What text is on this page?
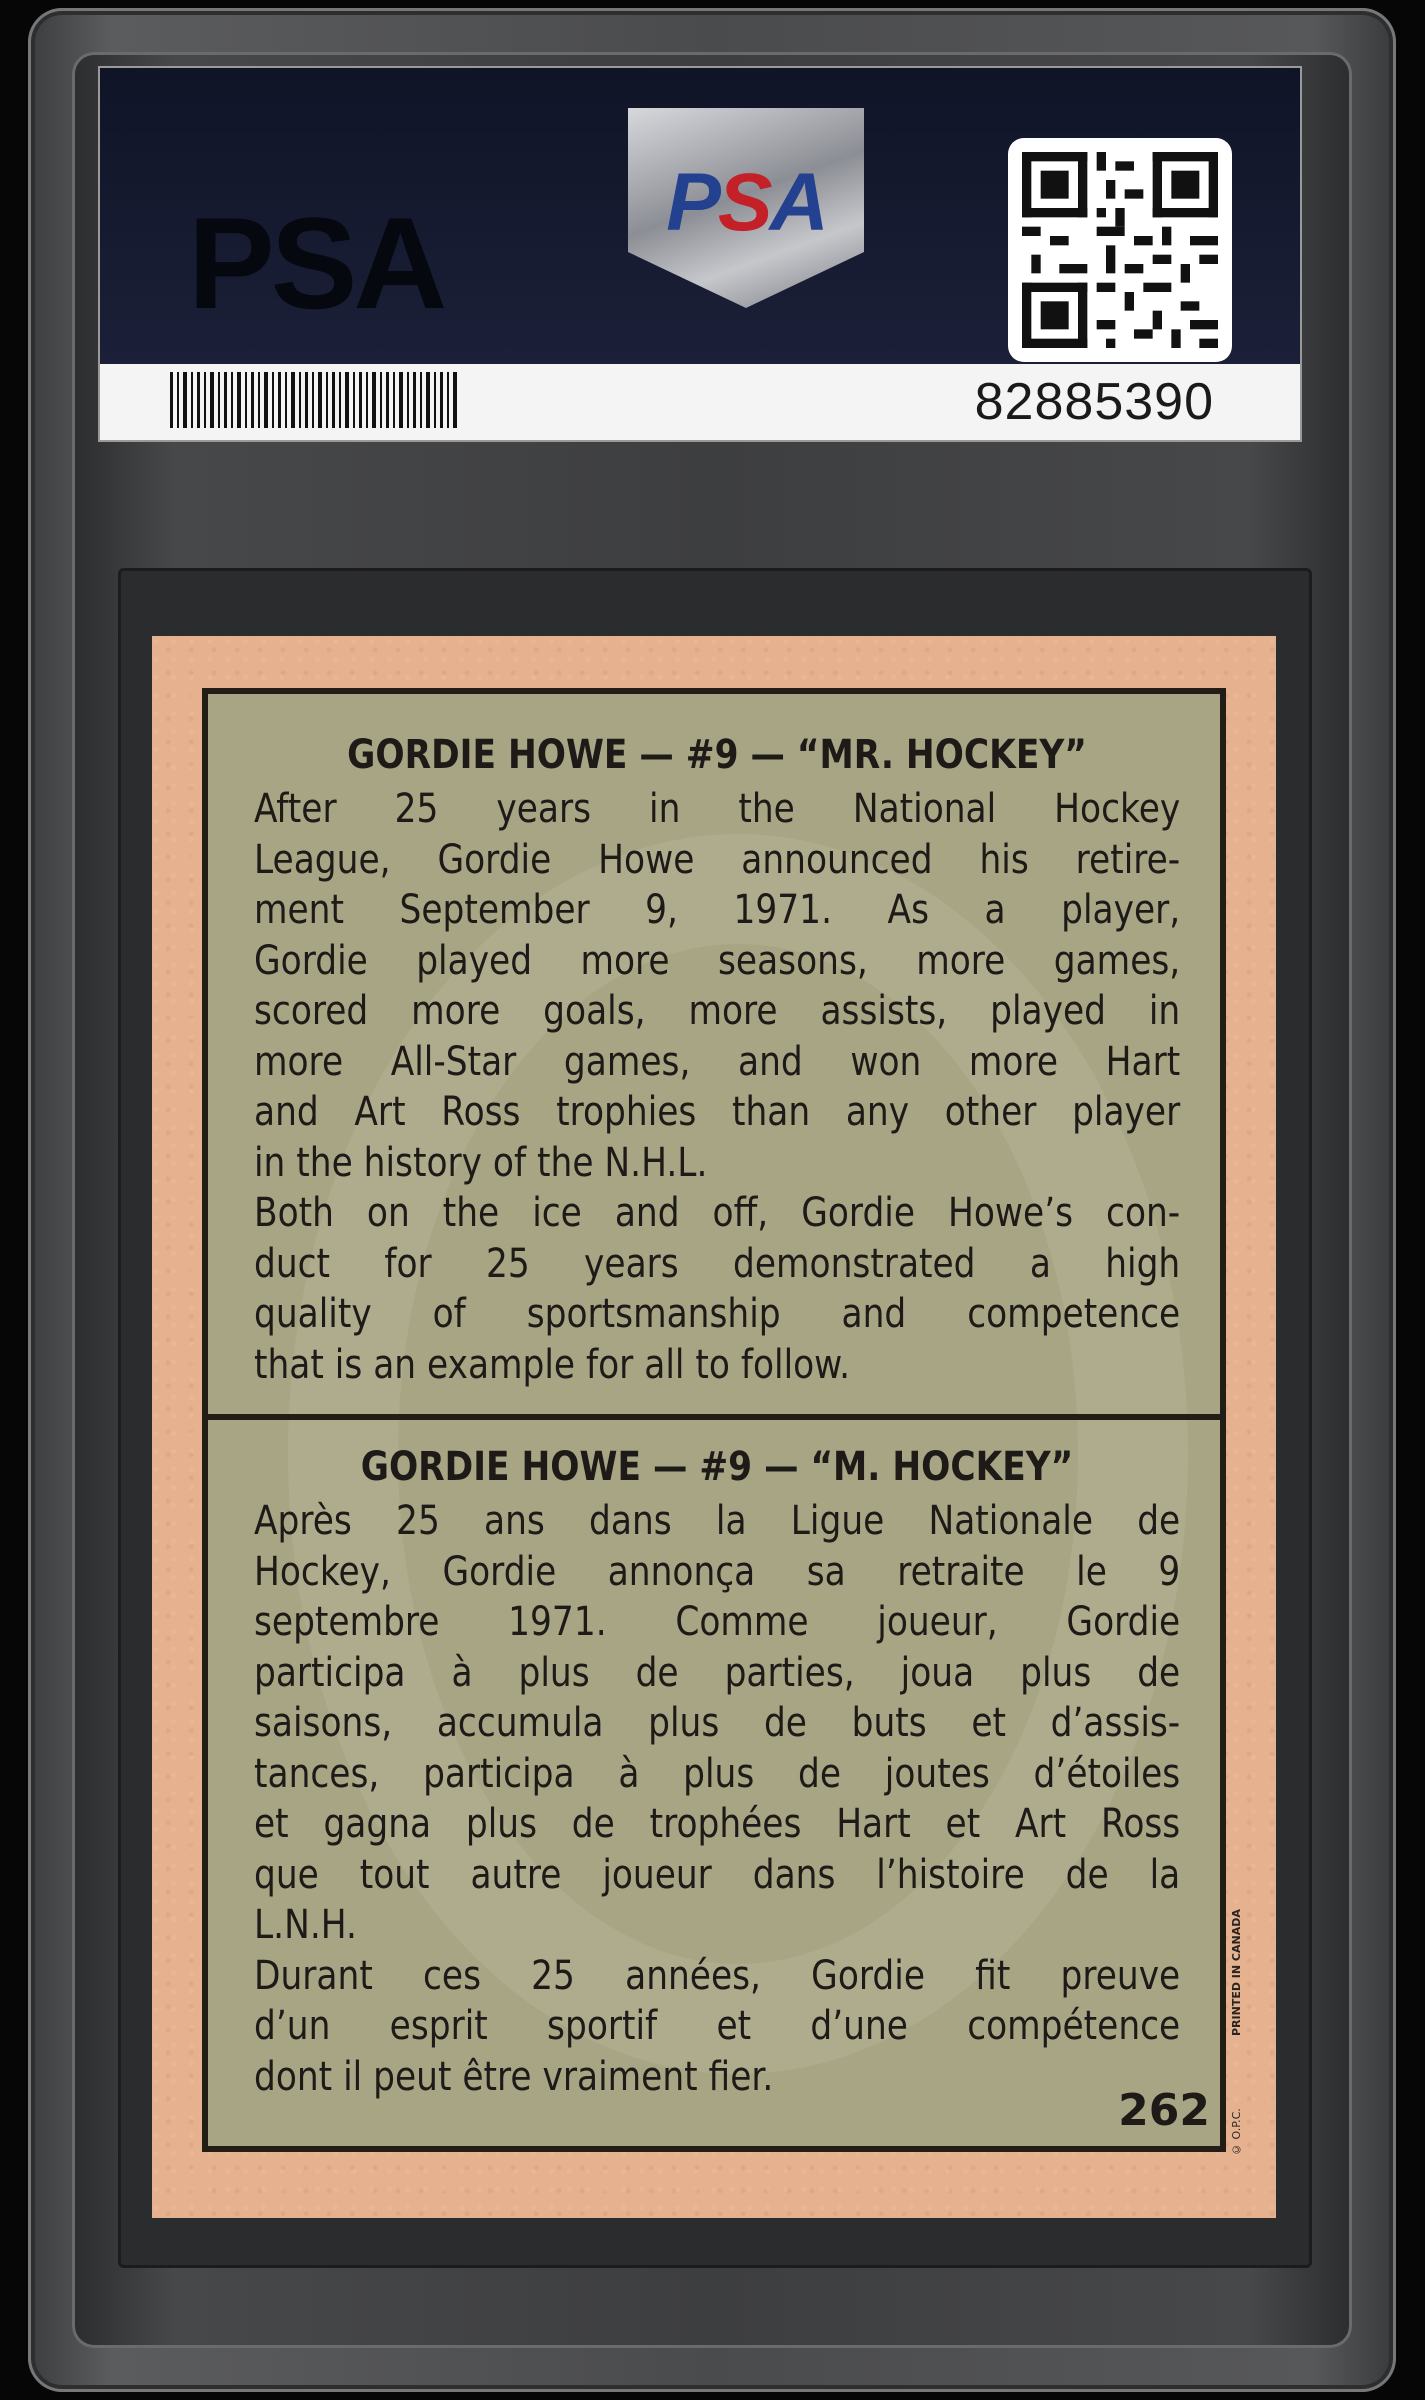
PSA	PSA
82885390
GORDIE HOWE — #9 — “MR. HOCKEY”
After 25 years in the National Hockey
League, Gordie Howe announced his retire-
ment September 9, 1971. As a player,
Gordie played more seasons, more games,
scored more goals, more assists, played in
more All-Star games, and won more Hart
and Art Ross trophies than any other player
in the history of the N.H.L.
Both on the ice and off, Gordie Howe’s con-
duct for 25 years demonstrated a high
quality of sportsmanship and competence
that is an example for all to follow.
GORDIE HOWE — #9 — “M. HOCKEY”
Après 25 ans dans la Ligue Nationale de
Hockey, Gordie annonça sa retraite le 9
septembre 1971. Comme joueur, Gordie
participa à plus de parties, joua plus de
saisons, accumula plus de buts et d’assis-
tances, participa à plus de joutes d’étoiles
et gagna plus de trophées Hart et Art Ross
que tout autre joueur dans l’histoire de la
L.N.H.
Durant ces 25 années, Gordie fit preuve
d’un esprit sportif et d’une compétence
dont il peut être vraiment fier.
262
PRINTED IN CANADA
© O.P.C.
